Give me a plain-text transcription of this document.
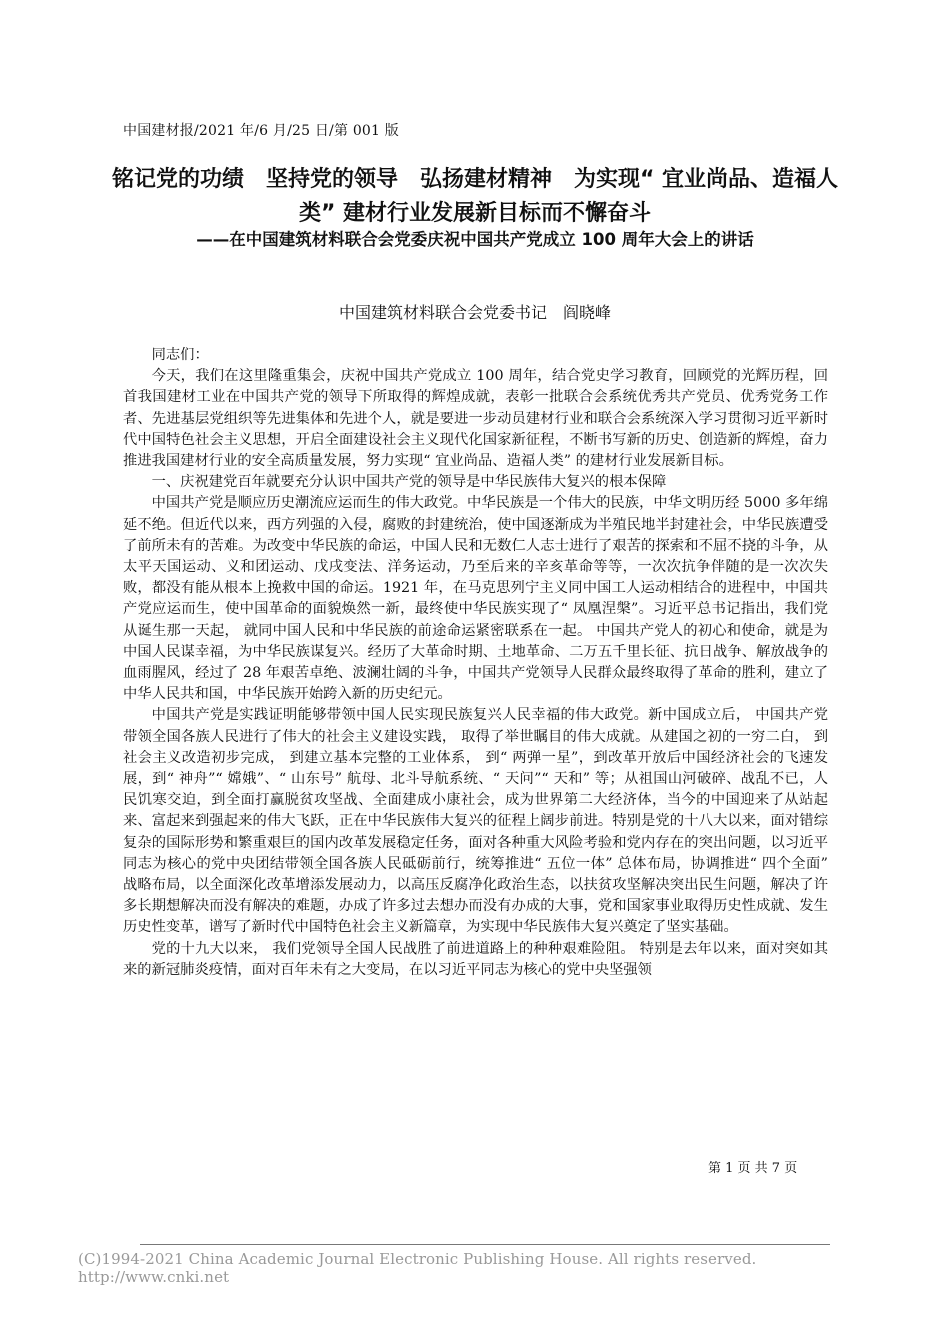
中国建材报/2021 年/6 月/25 日/第 001 版
铭记党的功绩　坚持党的领导　弘扬建材精神　为实现“ 宜业尚品、造福人类” 建材行业发展新目标而不懈奋斗
——在中国建筑材料联合会党委庆祝中国共产党成立 100 周年大会上的讲话
中国建筑材料联合会党委书记　阎晓峰

同志们：

今天，我们在这里隆重集会，庆祝中国共产党成立 100 周年，结合党史学习教育，回顾党的光辉历程，回首我国建材工业在中国共产党的领导下所取得的辉煌成就，表彰一批联合会系统优秀共产党员、优秀党务工作者、先进基层党组织等先进集体和先进个人，就是要进一步动员建材行业和联合会系统深入学习贯彻习近平新时代中国特色社会主义思想，开启全面建设社会主义现代化国家新征程，不断书写新的历史、创造新的辉煌，奋力推进我国建材行业的安全高质量发展，努力实现“ 宜业尚品、造福人类” 的建材行业发展新目标。

一、庆祝建党百年就要充分认识中国共产党的领导是中华民族伟大复兴的根本保障

中国共产党是顺应历史潮流应运而生的伟大政党。中华民族是一个伟大的民族，中华文明历经 5000 多年绵延不绝。但近代以来，西方列强的入侵，腐败的封建统治，使中国逐渐成为半殖民地半封建社会，中华民族遭受了前所未有的苦难。为改变中华民族的命运，中国人民和无数仁人志士进行了艰苦的探索和不屈不挠的斗争，从太平天国运动、义和团运动、戊戌变法、洋务运动，乃至后来的辛亥革命等等，一次次抗争伴随的是一次次失败，都没有能从根本上挽救中国的命运。1921 年，在马克思列宁主义同中国工人运动相结合的进程中，中国共产党应运而生，使中国革命的面貌焕然一新，最终使中华民族实现了“ 凤凰涅槃”。习近平总书记指出，我们党从诞生那一天起， 就同中国人民和中华民族的前途命运紧密联系在一起。 中国共产党人的初心和使命，就是为中国人民谋幸福，为中华民族谋复兴。经历了大革命时期、土地革命、二万五千里长征、抗日战争、解放战争的血雨腥风，经过了 28 年艰苦卓绝、波澜壮阔的斗争，中国共产党领导人民群众最终取得了革命的胜利，建立了中华人民共和国，中华民族开始跨入新的历史纪元。

中国共产党是实践证明能够带领中国人民实现民族复兴人民幸福的伟大政党。新中国成立后， 中国共产党带领全国各族人民进行了伟大的社会主义建设实践， 取得了举世瞩目的伟大成就。从建国之初的一穷二白， 到社会主义改造初步完成， 到建立基本完整的工业体系， 到“ 两弹一星”，到改革开放后中国经济社会的飞速发展，到“ 神舟”“ 嫦娥”、“ 山东号” 航母、北斗导航系统、“ 天问”“ 天和” 等；从祖国山河破碎、战乱不已，人民饥寒交迫，到全面打赢脱贫攻坚战、全面建成小康社会，成为世界第二大经济体，当今的中国迎来了从站起来、富起来到强起来的伟大飞跃，正在中华民族伟大复兴的征程上阔步前进。特别是党的十八大以来，面对错综复杂的国际形势和繁重艰巨的国内改革发展稳定任务，面对各种重大风险考验和党内存在的突出问题，以习近平同志为核心的党中央团结带领全国各族人民砥砺前行，统筹推进“ 五位一体” 总体布局，协调推进“ 四个全面” 战略布局，以全面深化改革增添发展动力，以高压反腐净化政治生态，以扶贫攻坚解决突出民生问题，解决了许多长期想解决而没有解决的难题，办成了许多过去想办而没有办成的大事，党和国家事业取得历史性成就、发生历史性变革，谱写了新时代中国特色社会主义新篇章，为实现中华民族伟大复兴奠定了坚实基础。

党的十九大以来， 我们党领导全国人民战胜了前进道路上的种种艰难险阻。 特别是去年以来，面对突如其来的新冠肺炎疫情，面对百年未有之大变局，在以习近平同志为核心的党中央坚强领

第 1 页 共 7 页
(C)1994-2021 China Academic Journal Electronic Publishing House. All rights reserved. http://www.cnki.net
